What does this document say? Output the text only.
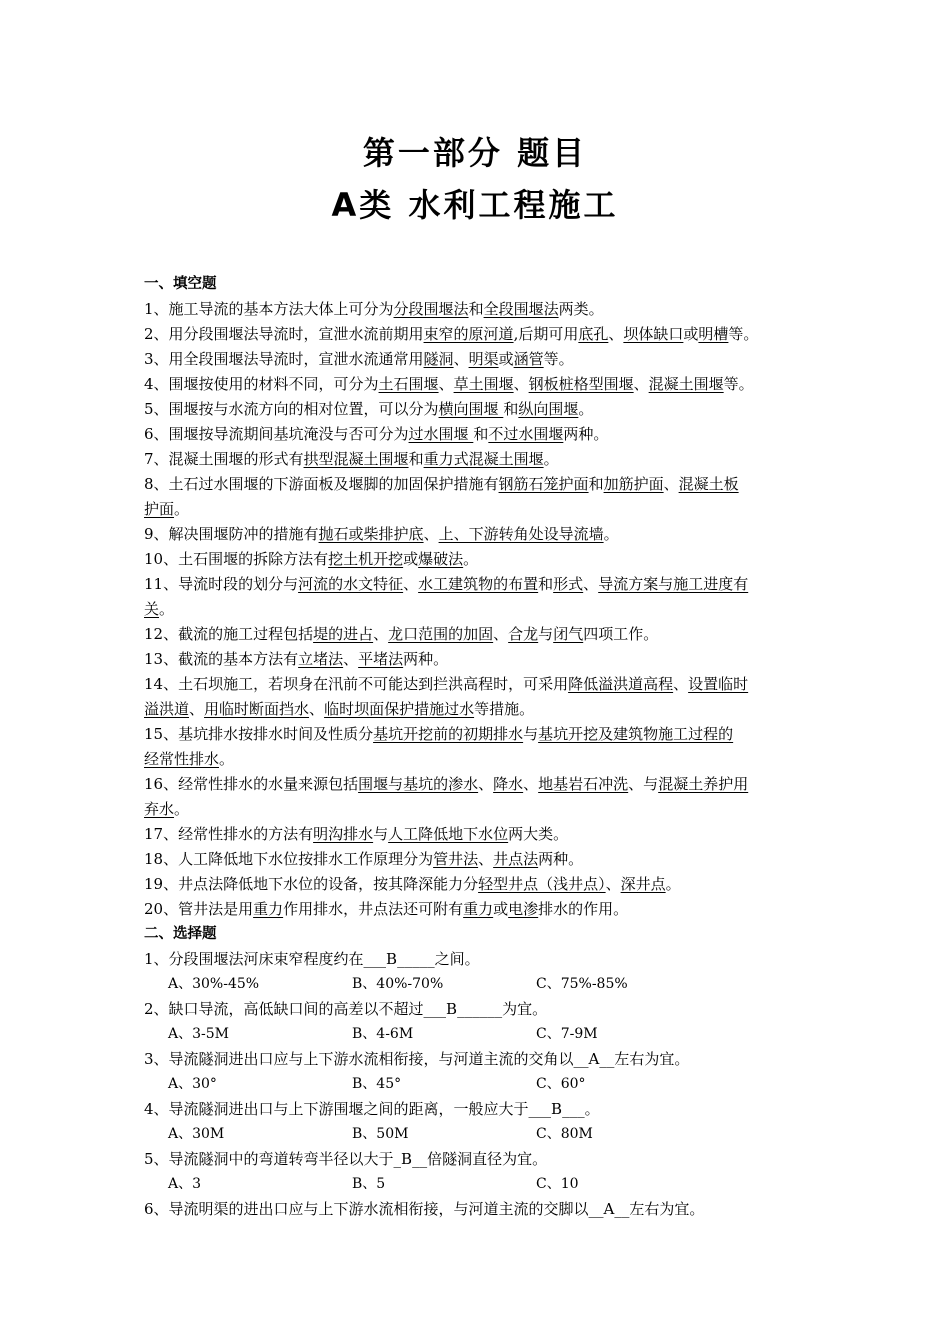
第一部分 题目
A类 水利工程施工
一、填空题
1、施工导流的基本方法大体上可分为分段围堰法和全段围堰法两类。
2、用分段围堰法导流时，宣泄水流前期用束窄的原河道,后期可用底孔、坝体缺口或明槽等。
3、用全段围堰法导流时，宣泄水流通常用隧洞、明渠或涵管等。
4、围堰按使用的材料不同，可分为土石围堰、草土围堰、钢板桩格型围堰、混凝土围堰等。
5、围堰按与水流方向的相对位置，可以分为横向围堰 和纵向围堰。
6、围堰按导流期间基坑淹没与否可分为过水围堰 和不过水围堰两种。
7、混凝土围堰的形式有拱型混凝土围堰和重力式混凝土围堰。
8、土石过水围堰的下游面板及堰脚的加固保护措施有钢筋石笼护面和加筋护面、混凝土板
护面。
9、解决围堰防冲的措施有抛石或柴排护底、上、下游转角处设导流墙。
10、土石围堰的拆除方法有挖土机开挖或爆破法。
11、导流时段的划分与河流的水文特征、水工建筑物的布置和形式、导流方案与施工进度有
关。
12、截流的施工过程包括堤的进占、龙口范围的加固、合龙与闭气四项工作。
13、截流的基本方法有立堵法、平堵法两种。
14、土石坝施工，若坝身在汛前不可能达到拦洪高程时，可采用降低溢洪道高程、设置临时
溢洪道、用临时断面挡水、临时坝面保护措施过水等措施。
15、基坑排水按排水时间及性质分基坑开挖前的初期排水与基坑开挖及建筑物施工过程的
经常性排水。
16、经常性排水的水量来源包括围堰与基坑的渗水、降水、地基岩石冲洗、与混凝土养护用
弃水。
17、经常性排水的方法有明沟排水与人工降低地下水位两大类。
18、人工降低地下水位按排水工作原理分为管井法、井点法两种。
19、井点法降低地下水位的设备，按其降深能力分轻型井点（浅井点）、深井点。
20、管井法是用重力作用排水，井点法还可附有重力或电渗排水的作用。
二、选择题
1、分段围堰法河床束窄程度约在___B_____之间。
A、30%-45%	B、40%-70%	C、75%-85%
2、缺口导流，高低缺口间的高差以不超过___B______为宜。
A、3-5M	B、4-6M	C、7-9M
3、导流隧洞进出口应与上下游水流相衔接，与河道主流的交角以__A__左右为宜。
A、30°	B、45°	C、60°
4、导流隧洞进出口与上下游围堰之间的距离，一般应大于___B___。
A、30M	B、50M	C、80M
5、导流隧洞中的弯道转弯半径以大于_B__倍隧洞直径为宜。
A、3	B、5	C、10
6、导流明渠的进出口应与上下游水流相衔接，与河道主流的交脚以__A__左右为宜。
